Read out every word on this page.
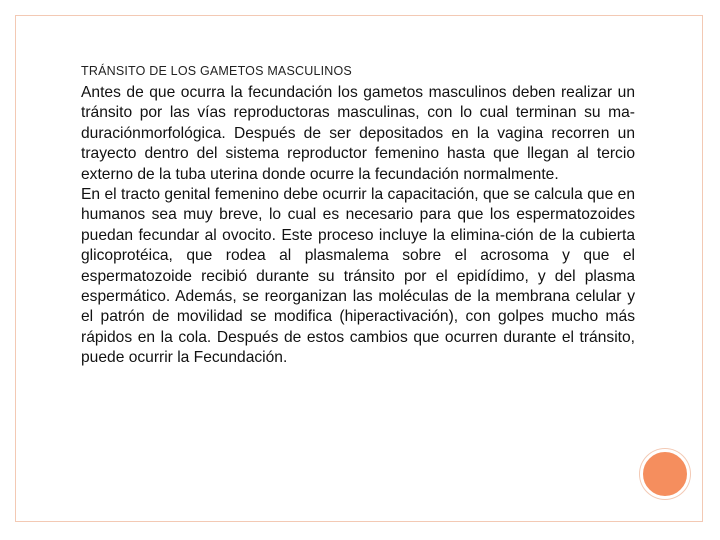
TRÁNSITO DE LOS GAMETOS MASCULINOS

Antes de que ocurra la fecundación los gametos masculinos deben realizar un tránsito por las vías reproductoras masculinas, con lo cual terminan su ma-duraciónmorfológica. Después de ser depositados en la vagina recorren un trayecto dentro del sistema reproductor femenino hasta que llegan al tercio externo de la tuba uterina donde ocurre la fecundación normalmente.

En el tracto genital femenino debe ocurrir la capacitación, que se calcula que en humanos sea muy breve, lo cual es necesario para que los espermatozoides puedan fecundar al ovocito. Este proceso incluye la elimina-ción de la cubierta glicoprotéica, que rodea al plasmalema sobre el acrosoma y que el espermatozoide recibió durante su tránsito por el epidídimo, y del plasma espermático. Además, se reorganizan las moléculas de la membrana celular y el patrón de movilidad se modifica (hiperactivación), con golpes mucho más rápidos en la cola. Después de estos cambios que ocurren durante el tránsito, puede ocurrir la Fecundación.
